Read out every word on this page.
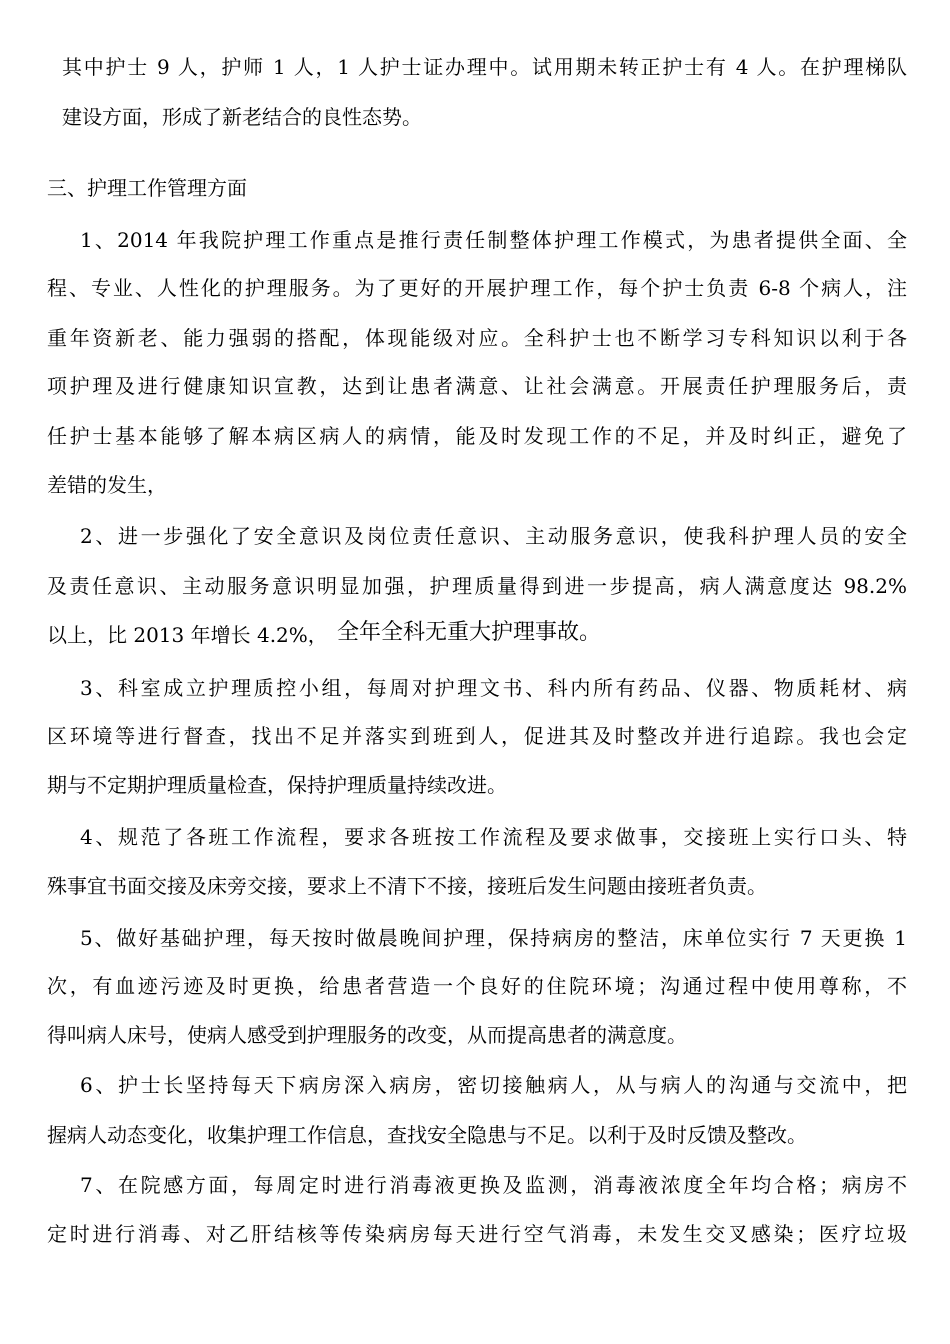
其中护士 9 人，护师 1 人，1 人护士证办理中。试用期未转正护士有 4 人。在护理梯队
建设方面，形成了新老结合的良性态势。
三、护理工作管理方面
1、2014 年我院护理工作重点是推行责任制整体护理工作模式，为患者提供全面、全
程、专业、人性化的护理服务。为了更好的开展护理工作，每个护士负责 6-8 个病人，注
重年资新老、能力强弱的搭配，体现能级对应。全科护士也不断学习专科知识以利于各
项护理及进行健康知识宣教，达到让患者满意、让社会满意。开展责任护理服务后，责
任护士基本能够了解本病区病人的病情，能及时发现工作的不足，并及时纠正，避免了
差错的发生，
2、进一步强化了安全意识及岗位责任意识、主动服务意识，使我科护理人员的安全
及责任意识、主动服务意识明显加强，护理质量得到进一步提高，病人满意度达 98.2%
以上，比 2013 年增长 4.2%， 全年全科无重大护理事故。
3、科室成立护理质控小组，每周对护理文书、科内所有药品、仪器、物质耗材、病
区环境等进行督查，找出不足并落实到班到人，促进其及时整改并进行追踪。我也会定
期与不定期护理质量检查，保持护理质量持续改进。
4、规范了各班工作流程，要求各班按工作流程及要求做事，交接班上实行口头、特
殊事宜书面交接及床旁交接，要求上不清下不接，接班后发生问题由接班者负责。
5、做好基础护理，每天按时做晨晚间护理，保持病房的整洁，床单位实行 7 天更换 1
次，有血迹污迹及时更换，给患者营造一个良好的住院环境；沟通过程中使用尊称，不
得叫病人床号，使病人感受到护理服务的改变，从而提高患者的满意度。
6、护士长坚持每天下病房深入病房，密切接触病人，从与病人的沟通与交流中，把
握病人动态变化，收集护理工作信息，查找安全隐患与不足。以利于及时反馈及整改。
7、在院感方面，每周定时进行消毒液更换及监测，消毒液浓度全年均合格；病房不
定时进行消毒、对乙肝结核等传染病房每天进行空气消毒，未发生交叉感染；医疗垃圾
